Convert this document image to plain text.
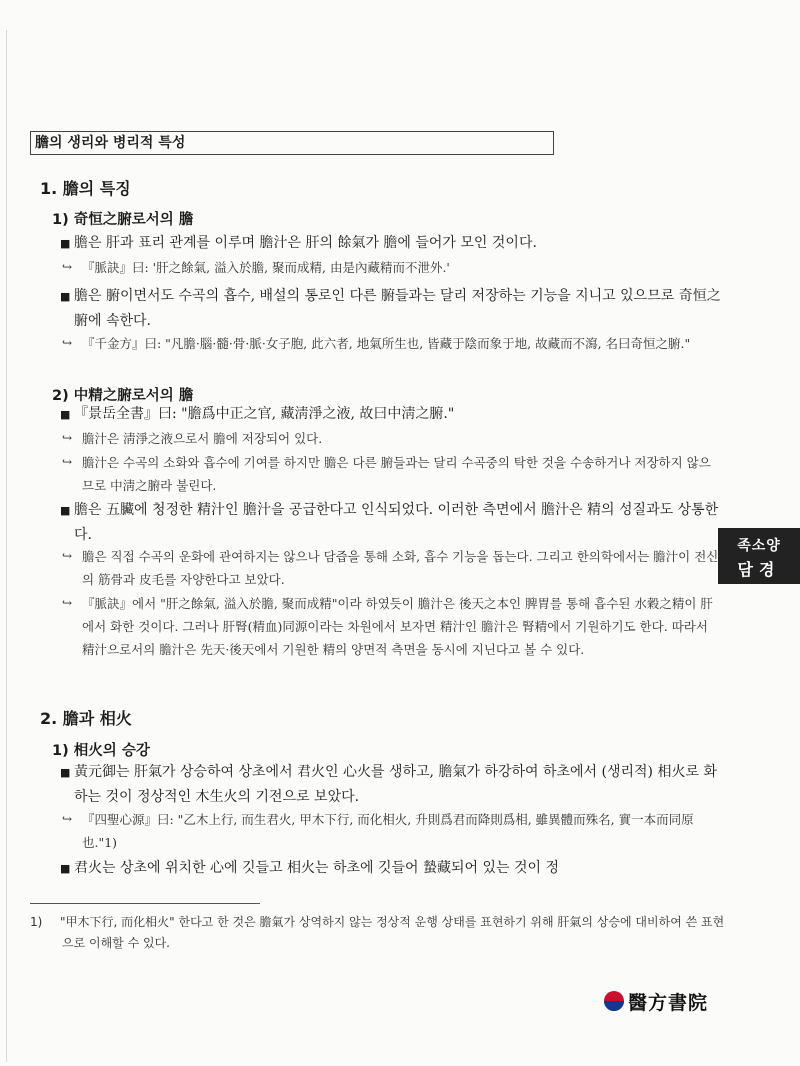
膽의 생리와 병리적 특성
1. 膽의 특징
1) 奇恒之腑로서의 膽
■ 膽은 肝과 표리 관계를 이루며 膽汁은 肝의 餘氣가 膽에 들어가 모인 것이다.
↪ 『脈訣』曰: '肝之餘氣, 溢入於膽, 聚而成精, 由是內藏精而不泄外.'
■ 膽은 腑이면서도 수곡의 흡수, 배설의 통로인 다른 腑들과는 달리 저장하는 기능을 지니고 있으므로 奇恒之腑에 속한다.
↪ 『千金方』曰: "凡膽·腦·髓·骨·脈·女子胞, 此六者, 地氣所生也, 皆藏于陰而象于地, 故藏而不瀉, 名曰奇恒之腑."
2) 中精之腑로서의 膽
■ 『景岳全書』曰: "膽爲中正之官, 藏淸淨之液, 故曰中淸之腑."
↪ 膽汁은 淸淨之液으로서 膽에 저장되어 있다.
↪ 膽汁은 수곡의 소화와 흡수에 기여를 하지만 膽은 다른 腑들과는 달리 수곡중의 탁한 것을 수송하거나 저장하지 않으므로 中淸之腑라 불린다.
■ 膽은 五臟에 청정한 精汁인 膽汁을 공급한다고 인식되었다. 이러한 측면에서 膽汁은 精의 성질과도 상통한다.
↪ 膽은 직접 수곡의 운화에 관여하지는 않으나 담즙을 통해 소화, 흡수 기능을 돕는다. 그리고 한의학에서는 膽汁이 전신의 筋骨과 皮毛를 자양한다고 보았다.
↪ 『脈訣』에서 "肝之餘氣, 溢入於膽, 聚而成精"이라 하였듯이 膽汁은 後天之本인 脾胃를 통해 흡수된 水穀之精이 肝에서 화한 것이다. 그러나 肝腎(精血)同源이라는 차원에서 보자면 精汁인 膽汁은 腎精에서 기원하기도 한다. 따라서 精汁으로서의 膽汁은 先天·後天에서 기원한 精의 양면적 측면을 동시에 지닌다고 볼 수 있다.
2. 膽과 相火
1) 相火의 승강
■ 黃元御는 肝氣가 상승하여 상초에서 君火인 心火를 생하고, 膽氣가 하강하여 하초에서 (생리적) 相火로 화하는 것이 정상적인 木生火의 기전으로 보았다.
↪ 『四聖心源』曰: "乙木上行, 而生君火, 甲木下行, 而化相火, 升則爲君而降則爲相, 雖異體而殊名, 實一本而同原也."1)
■ 君火는 상초에 위치한 心에 깃들고 相火는 하초에 깃들어 蟄藏되어 있는 것이 정
족소양
담경
1)	"甲木下行, 而化相火" 한다고 한 것은 膽氣가 상역하지 않는 정상적 운행 상태를 표현하기 위해 肝氣의 상승에 대비하여 쓴 표현으로 이해할 수 있다.
醫方書院
